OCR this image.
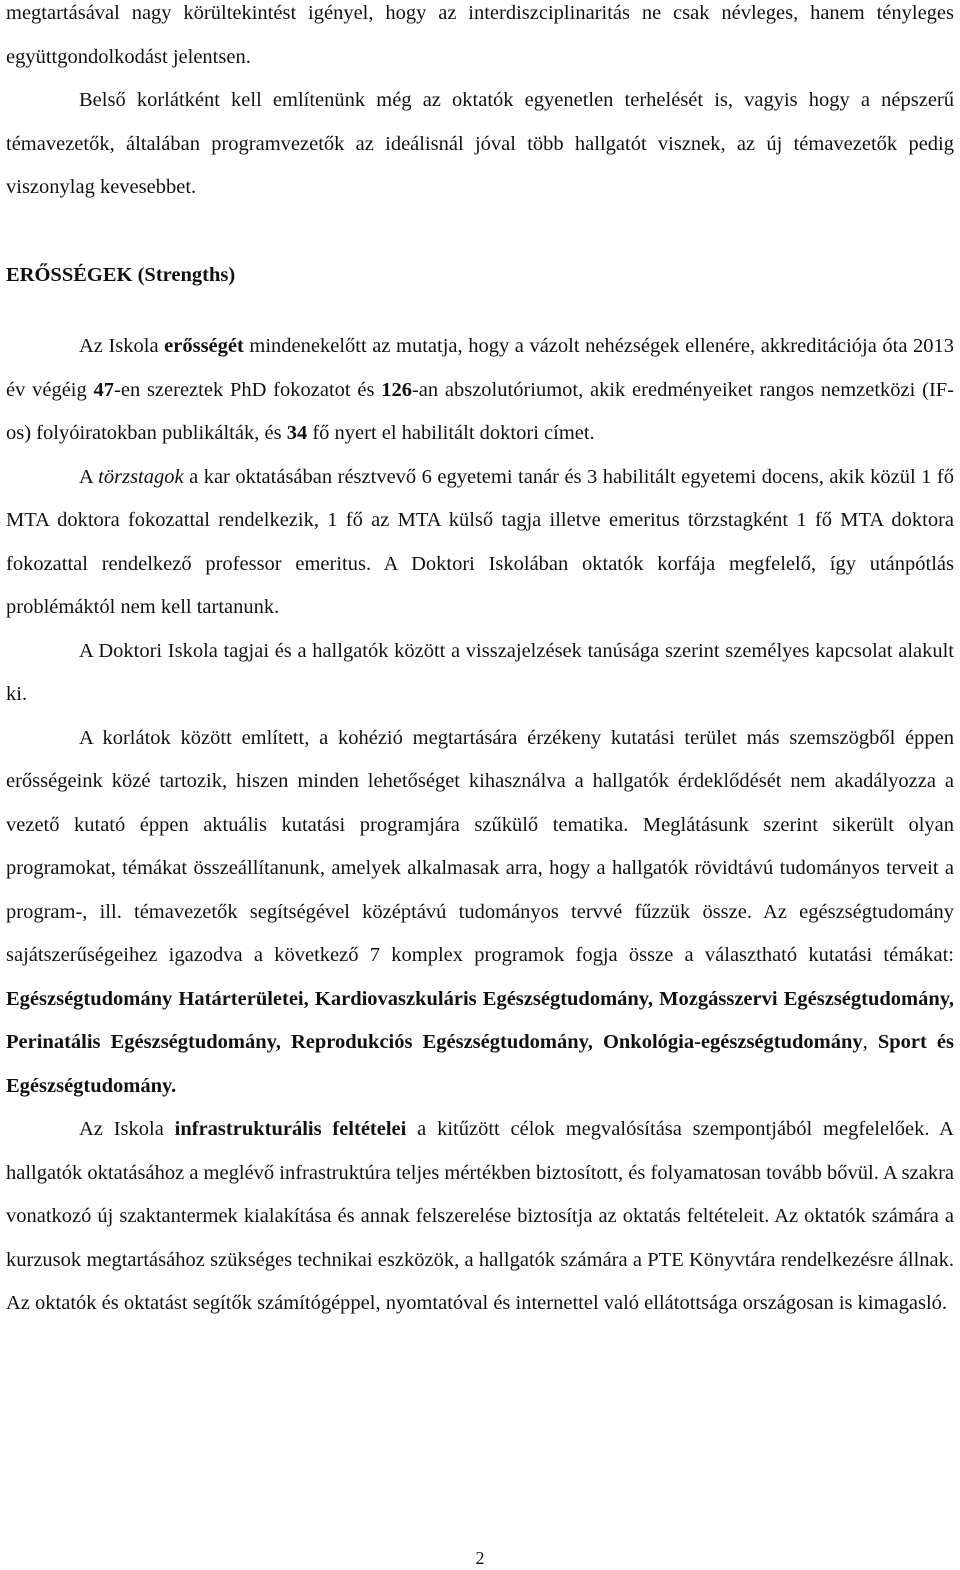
megtartásával nagy körültekintést igényel, hogy az interdiszciplinaritás ne csak névleges, hanem tényleges együttgondolkodást jelentsen.

Belső korlátként kell említenünk még az oktatók egyenetlen terhelését is, vagyis hogy a népszerű témavezetők, általában programvezetők az ideálisnál jóval több hallgatót visznek, az új témavezetők pedig viszonylag kevesebbet.

ERŐSSÉGEK (Strengths)

Az Iskola erősségét mindenekelőtt az mutatja, hogy a vázolt nehézségek ellenére, akkreditációja óta 2013 év végéig 47-en szereztek PhD fokozatot és 126-an abszolutóriumot, akik eredményeiket rangos nemzetközi (IF-os) folyóiratokban publikálták, és 34 fő nyert el habilitált doktori címet.

A törzstagok a kar oktatásában résztvevő 6 egyetemi tanár és 3 habilitált egyetemi docens, akik közül 1 fő MTA doktora fokozattal rendelkezik, 1 fő az MTA külső tagja illetve emeritus törzstagként 1 fő MTA doktora fokozattal rendelkező professor emeritus. A Doktori Iskolában oktatók korfája megfelelő, így utánpótlás problémáktól nem kell tartanunk.

A Doktori Iskola tagjai és a hallgatók között a visszajelzések tanúsága szerint személyes kapcsolat alakult ki.

A korlátok között említett, a kohézió megtartására érzékeny kutatási terület más szemszögből éppen erősségeink közé tartozik, hiszen minden lehetőséget kihasználva a hallgatók érdeklődését nem akadályozza a vezető kutató éppen aktuális kutatási programjára szűkülő tematika. Meglátásunk szerint sikerült olyan programokat, témákat összeállítanunk, amelyek alkalmasak arra, hogy a hallgatók rövidtávú tudományos terveit a program-, ill. témavezetők segítségével középtávú tudományos tervvé fűzzük össze. Az egészségtudomány sajátszerűségeihez igazodva a következő 7 komplex programok fogja össze a választható kutatási témákat: Egészségtudomány Határterületei, Kardiovaszkuláris Egészségtudomány, Mozgásszervi Egészségtudomány, Perinatális Egészségtudomány, Reprodukciós Egészségtudomány, Onkológia-egészségtudomány, Sport és Egészségtudomány.

Az Iskola infrastrukturális feltételei a kitűzött célok megvalósítása szempontjából megfelelőek. A hallgatók oktatásához a meglévő infrastruktúra teljes mértékben biztosított, és folyamatosan tovább bővül. A szakra vonatkozó új szaktantermek kialakítása és annak felszerelése biztosítja az oktatás feltételeit. Az oktatók számára a kurzusok megtartásához szükséges technikai eszközök, a hallgatók számára a PTE Könyvtára rendelkezésre állnak. Az oktatók és oktatást segítők számítógéppel, nyomtatóval és internettel való ellátottsága országosan is kimagasló.

2
